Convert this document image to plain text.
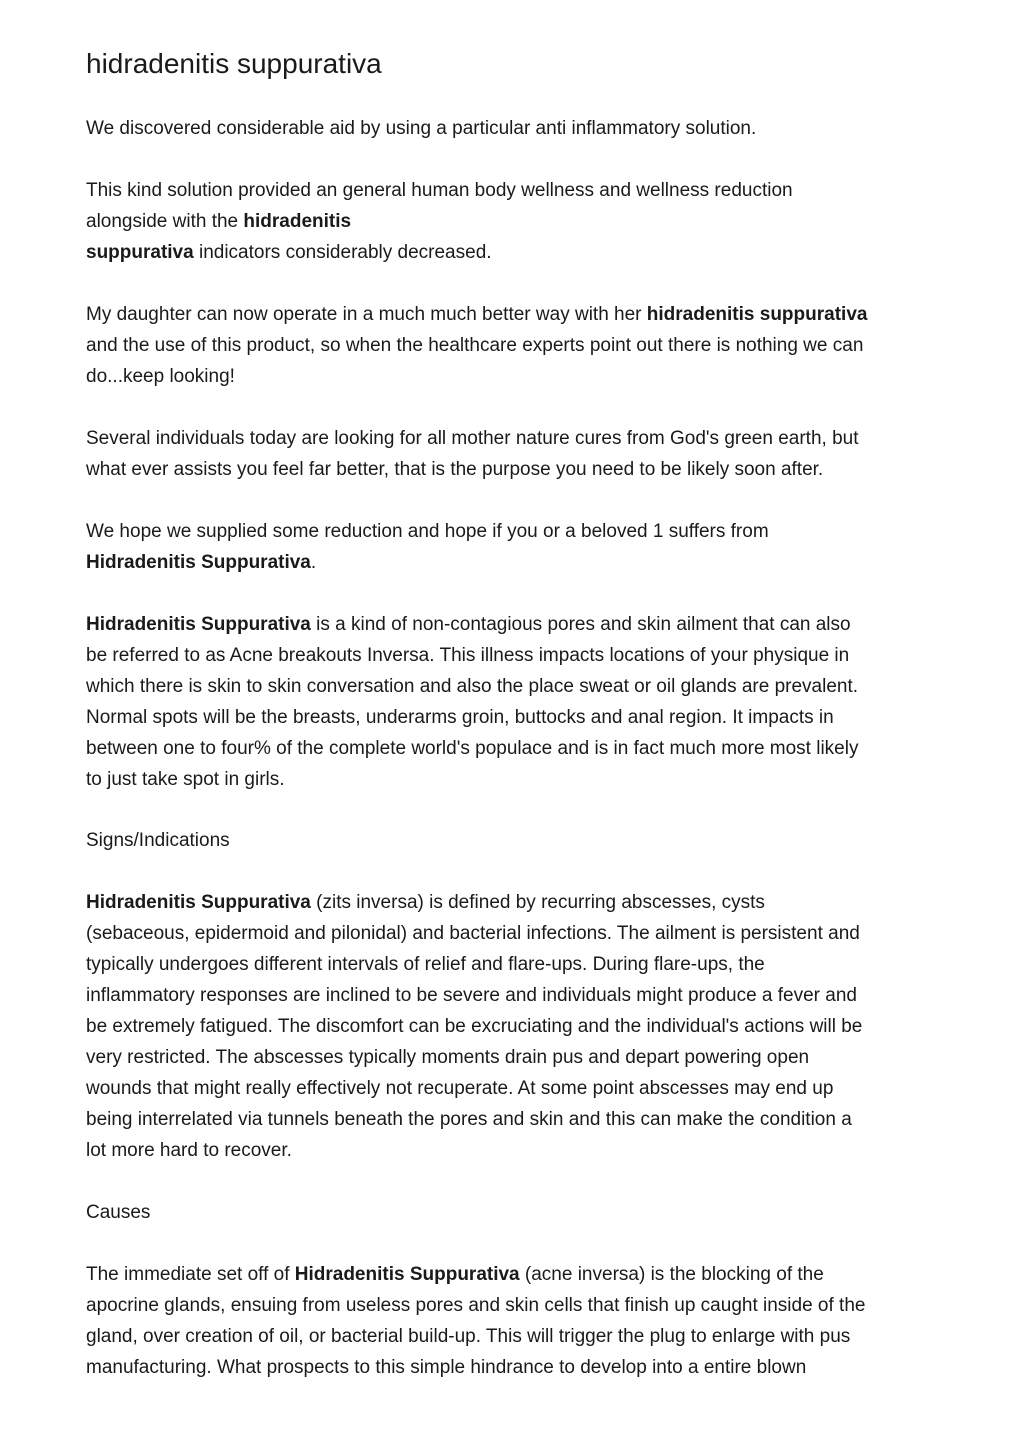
hidradenitis suppurativa

We discovered considerable aid by using a particular anti inflammatory solution.

This kind solution provided an general human body wellness and wellness reduction
alongside with the hidradenitis
suppurativa indicators considerably decreased.

My daughter can now operate in a much much better way with her hidradenitis suppurativa
and the use of this product, so when the healthcare experts point out there is nothing we can
do...keep looking!

Several individuals today are looking for all mother nature cures from God's green earth, but
what ever assists you feel far better, that is the purpose you need to be likely soon after.

We hope we supplied some reduction and hope if you or a beloved 1 suffers from
Hidradenitis Suppurativa.

Hidradenitis Suppurativa is a kind of non-contagious pores and skin ailment that can also
be referred to as Acne breakouts Inversa. This illness impacts locations of your physique in
which there is skin to skin conversation and also the place sweat or oil glands are prevalent.
Normal spots will be the breasts, underarms groin, buttocks and anal region. It impacts in
between one to four% of the complete world's populace and is in fact much more most likely
to just take spot in girls.

Signs/Indications

Hidradenitis Suppurativa (zits inversa) is defined by recurring abscesses, cysts
(sebaceous, epidermoid and pilonidal) and bacterial infections. The ailment is persistent and
typically undergoes different intervals of relief and flare-ups. During flare-ups, the
inflammatory responses are inclined to be severe and individuals might produce a fever and
be extremely fatigued. The discomfort can be excruciating and the individual's actions will be
very restricted. The abscesses typically moments drain pus and depart powering open
wounds that might really effectively not recuperate. At some point abscesses may end up
being interrelated via tunnels beneath the pores and skin and this can make the condition a
lot more hard to recover.

Causes

The immediate set off of Hidradenitis Suppurativa (acne inversa) is the blocking of the
apocrine glands, ensuing from useless pores and skin cells that finish up caught inside of the
gland, over creation of oil, or bacterial build-up. This will trigger the plug to enlarge with pus
manufacturing. What prospects to this simple hindrance to develop into a entire blown
